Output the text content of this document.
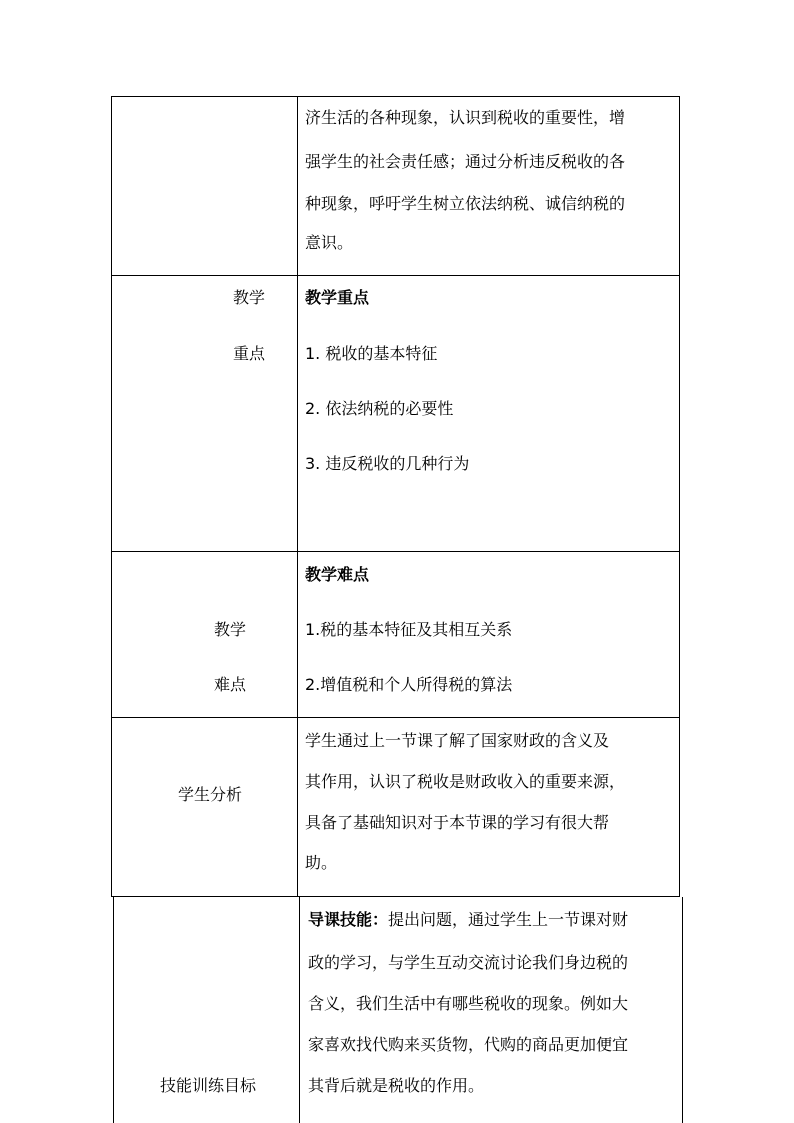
济生活的各种现象，认识到税收的重要性，增
强学生的社会责任感；通过分析违反税收的各
种现象，呼吁学生树立依法纳税、诚信纳税的
意识。
教学
重点
教学重点
1. 税收的基本特征
2. 依法纳税的必要性
3. 违反税收的几种行为
教学
难点
教学难点
1.税的基本特征及其相互关系
2.增值税和个人所得税的算法
学生分析
学生通过上一节课了解了国家财政的含义及
其作用，认识了税收是财政收入的重要来源，
具备了基础知识对于本节课的学习有很大帮
助。
技能训练目标
导课技能：提出问题，通过学生上一节课对财
政的学习，与学生互动交流讨论我们身边税的
含义，我们生活中有哪些税收的现象。例如大
家喜欢找代购来买货物，代购的商品更加便宜
其背后就是税收的作用。
